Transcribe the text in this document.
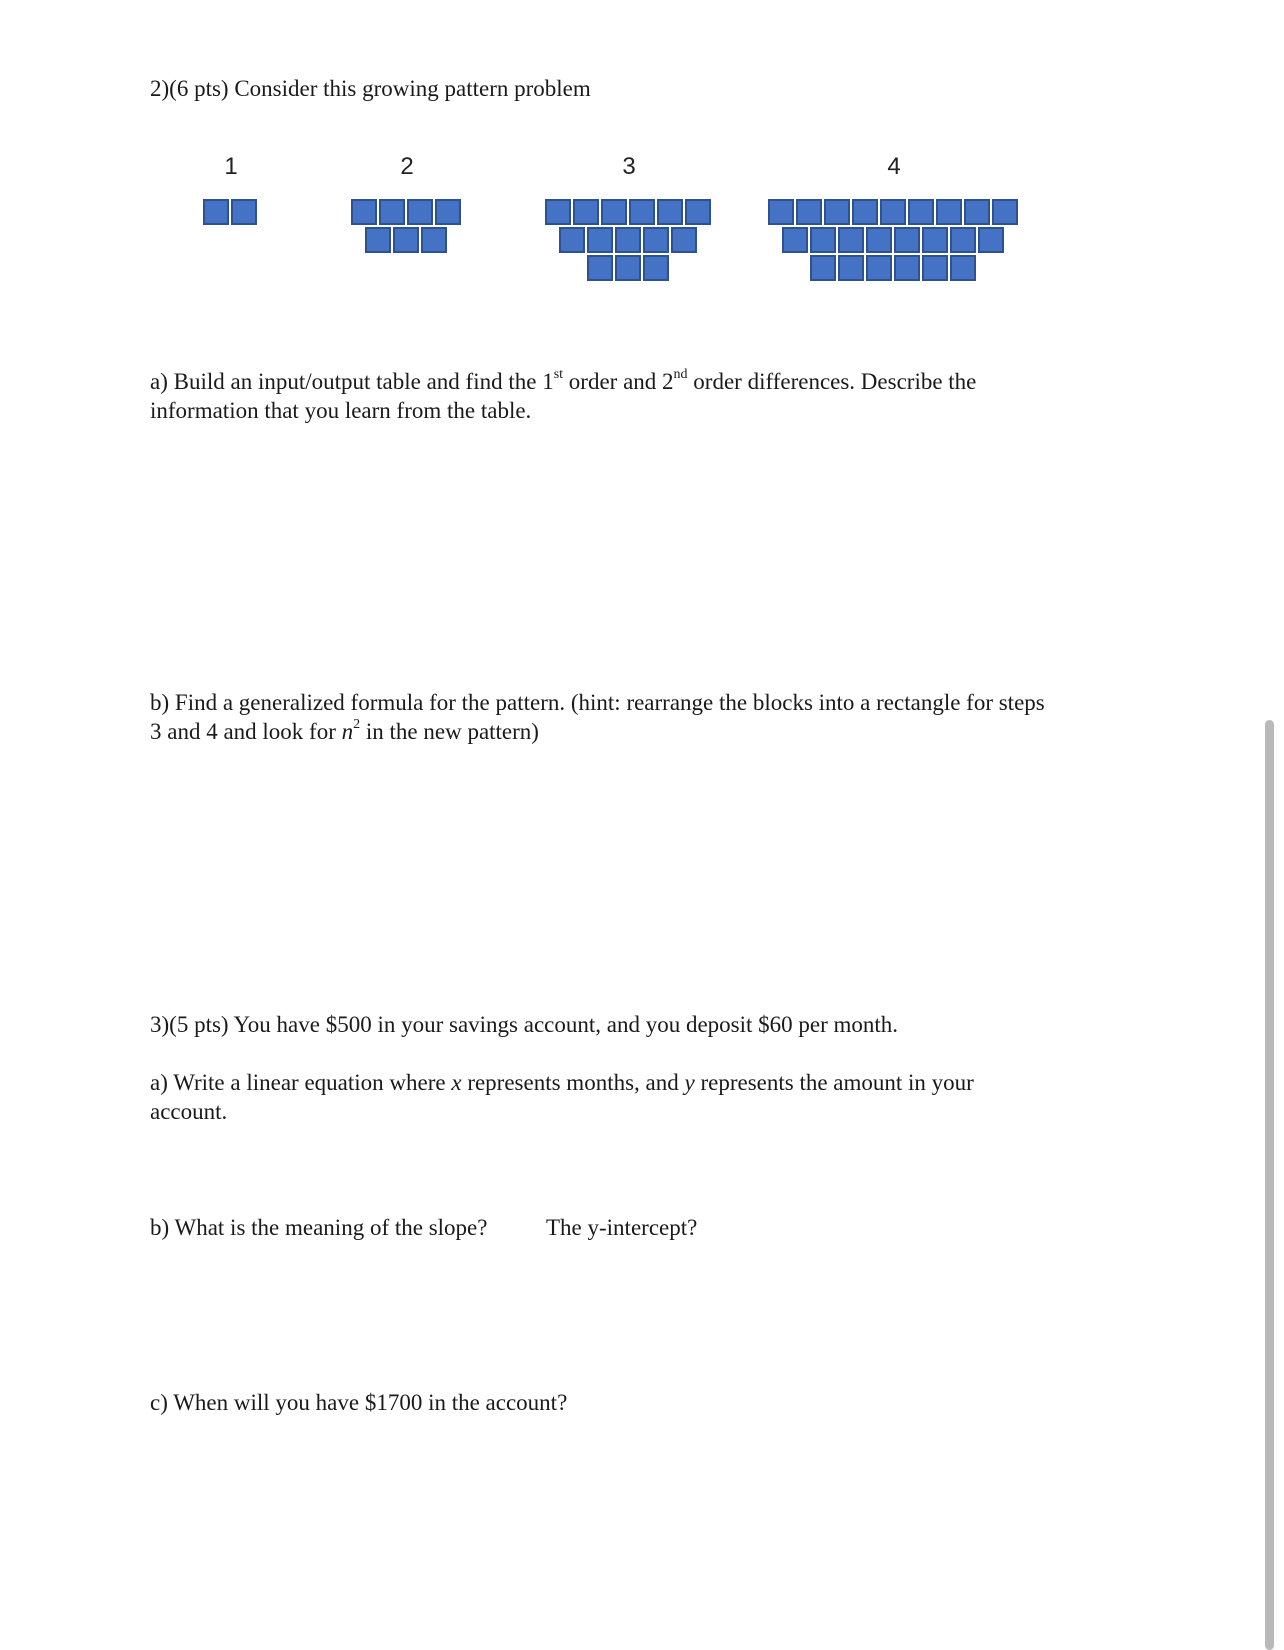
2)(6 pts) Consider this growing pattern problem
1	2	3	4
a) Build an input/output table and find the 1st order and 2nd order differences. Describe the
information that you learn from the table.
b) Find a generalized formula for the pattern. (hint: rearrange the blocks into a rectangle for steps
3 and 4 and look for $n^2$ in the new pattern)
3)(5 pts) You have $500 in your savings account, and you deposit $60 per month.
a) Write a linear equation where x represents months, and y represents the amount in your
account.
b) What is the meaning of the slope?	The y-intercept?
c) When will you have $1700 in the account?
